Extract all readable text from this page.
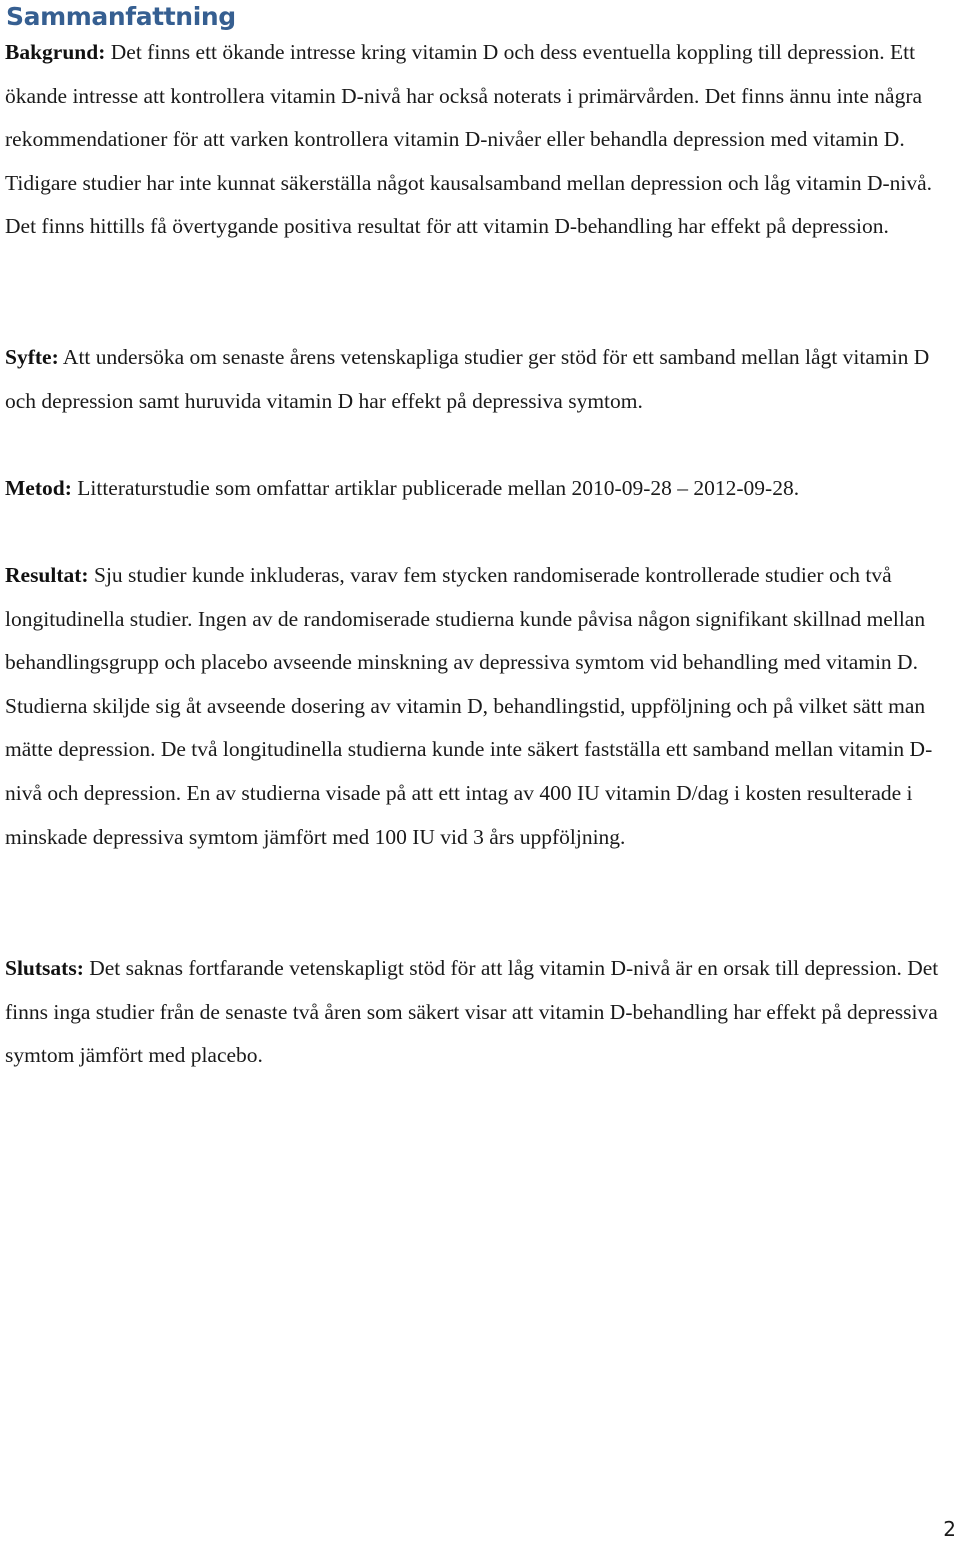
Sammanfattning

Bakgrund: Det finns ett ökande intresse kring vitamin D och dess eventuella koppling till depression. Ett ökande intresse att kontrollera vitamin D-nivå har också noterats i primärvården. Det finns ännu inte några rekommendationer för att varken kontrollera vitamin D-nivåer eller behandla depression med vitamin D. Tidigare studier har inte kunnat säkerställa något kausalsamband mellan depression och låg vitamin D-nivå. Det finns hittills få övertygande positiva resultat för att vitamin D-behandling har effekt på depression.

Syfte: Att undersöka om senaste årens vetenskapliga studier ger stöd för ett samband mellan lågt vitamin D och depression samt huruvida vitamin D har effekt på depressiva symtom.

Metod: Litteraturstudie som omfattar artiklar publicerade mellan 2010-09-28 – 2012-09-28.

Resultat: Sju studier kunde inkluderas, varav fem stycken randomiserade kontrollerade studier och två longitudinella studier. Ingen av de randomiserade studierna kunde påvisa någon signifikant skillnad mellan behandlingsgrupp och placebo avseende minskning av depressiva symtom vid behandling med vitamin D. Studierna skiljde sig åt avseende dosering av vitamin D, behandlingstid, uppföljning och på vilket sätt man mätte depression. De två longitudinella studierna kunde inte säkert fastställa ett samband mellan vitamin D-nivå och depression. En av studierna visade på att ett intag av 400 IU vitamin D/dag i kosten resulterade i minskade depressiva symtom jämfört med 100 IU vid 3 års uppföljning.

Slutsats: Det saknas fortfarande vetenskapligt stöd för att låg vitamin D-nivå är en orsak till depression. Det finns inga studier från de senaste två åren som säkert visar att vitamin D-behandling har effekt på depressiva symtom jämfört med placebo.

2
